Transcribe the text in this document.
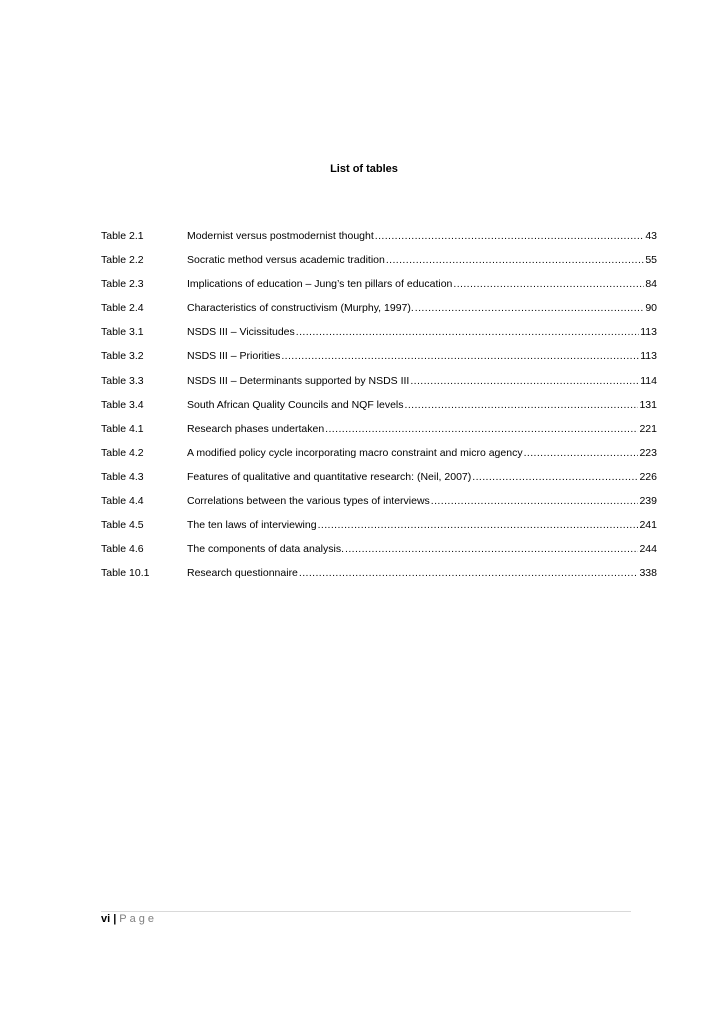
List of tables
Table 2.1	Modernist versus postmodernist thought .....	43
Table 2.2	Socratic method versus academic tradition .....	55
Table 2.3	Implications of education – Jung’s ten pillars of education .....	84
Table 2.4	Characteristics of constructivism (Murphy, 1997). .....	90
Table 3.1	NSDS III – Vicissitudes .....	113
Table 3.2	NSDS III – Priorities .....	113
Table 3.3	NSDS III – Determinants supported by NSDS III .....	114
Table 3.4	South African Quality Councils and NQF levels .....	131
Table 4.1	Research phases undertaken .....	221
Table 4.2	A modified policy cycle incorporating macro constraint and micro agency .....	223
Table 4.3	Features of qualitative and quantitative research: (Neil, 2007) .....	226
Table 4.4	Correlations between the various types of interviews .....	239
Table 4.5	The ten laws of interviewing .....	241
Table 4.6	The components of data analysis. .....	244
Table 10.1	Research questionnaire .....	338
vi | Page
